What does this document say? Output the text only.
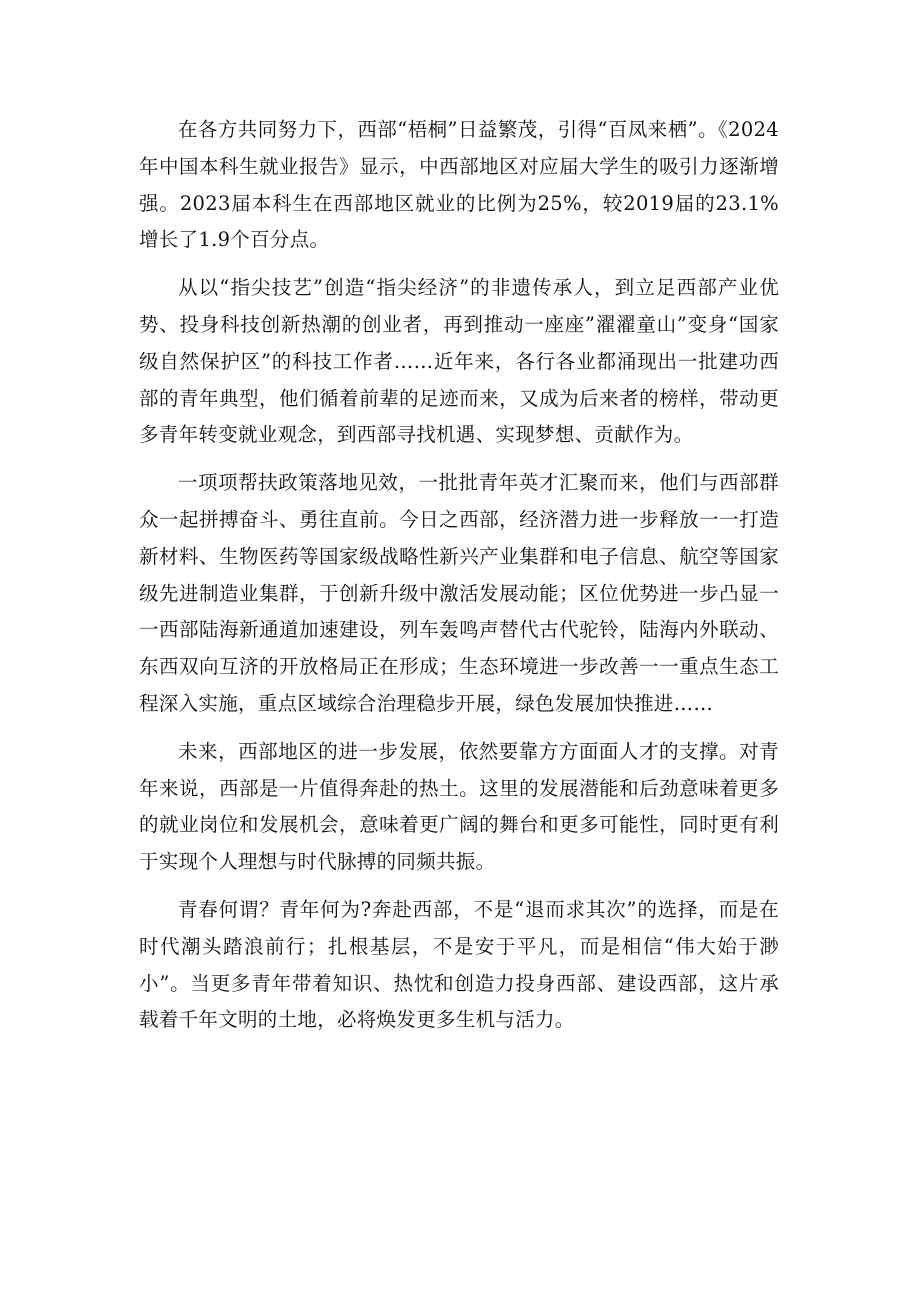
在各方共同努力下，西部“梧桐”日益繁茂，引得“百凤来栖”。《2024年中国本科生就业报告》显示，中西部地区对应届大学生的吸引力逐渐增强。2023届本科生在西部地区就业的比例为25%，较2019届的23.1%增长了1.9个百分点。

从以“指尖技艺”创造“指尖经济”的非遗传承人，到立足西部产业优势、投身科技创新热潮的创业者，再到推动一座座”濯濯童山”变身“国家级自然保护区”的科技工作者……近年来，各行各业都涌现出一批建功西部的青年典型，他们循着前辈的足迹而来，又成为后来者的榜样，带动更多青年转变就业观念，到西部寻找机遇、实现梦想、贡献作为。

一项项帮扶政策落地见效，一批批青年英才汇聚而来，他们与西部群众一起拼搏奋斗、勇往直前。今日之西部，经济潜力进一步释放一一打造新材料、生物医药等国家级战略性新兴产业集群和电子信息、航空等国家级先进制造业集群，于创新升级中激活发展动能；区位优势进一步凸显一一西部陆海新通道加速建设，列车轰鸣声替代古代驼铃，陆海内外联动、东西双向互济的开放格局正在形成；生态环境进一步改善一一重点生态工程深入实施，重点区域综合治理稳步开展，绿色发展加快推进……

未来，西部地区的进一步发展，依然要靠方方面面人才的支撑。对青年来说，西部是一片值得奔赴的热土。这里的发展潜能和后劲意味着更多的就业岗位和发展机会，意味着更广阔的舞台和更多可能性，同时更有利于实现个人理想与时代脉搏的同频共振。

青春何谓？青年何为?奔赴西部，不是“退而求其次”的选择，而是在时代潮头踏浪前行；扎根基层，不是安于平凡，而是相信“伟大始于渺小”。当更多青年带着知识、热忱和创造力投身西部、建设西部，这片承载着千年文明的土地，必将焕发更多生机与活力。
